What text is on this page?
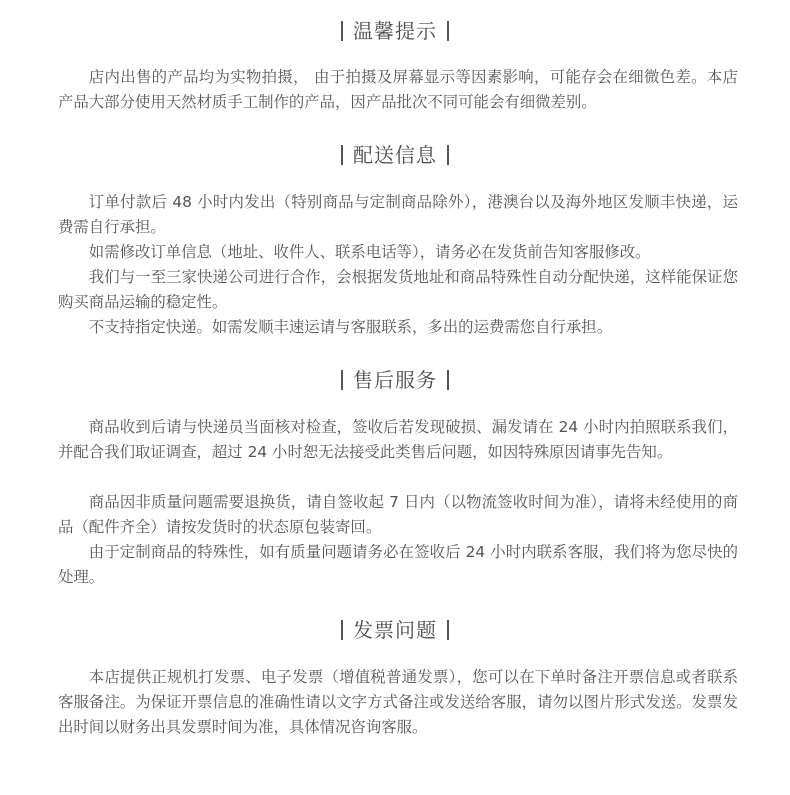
温馨提示

店内出售的产品均为实物拍摄， 由于拍摄及屏幕显示等因素影响，可能存会在细微色差。本店产品大部分使用天然材质手工制作的产品，因产品批次不同可能会有细微差别。

配送信息

订单付款后 48 小时内发出（特别商品与定制商品除外），港澳台以及海外地区发顺丰快递，运费需自行承担。

如需修改订单信息（地址、收件人、联系电话等），请务必在发货前告知客服修改。

我们与一至三家快递公司进行合作，会根据发货地址和商品特殊性自动分配快递，这样能保证您购买商品运输的稳定性。

不支持指定快递。如需发顺丰速运请与客服联系，多出的运费需您自行承担。

售后服务

商品收到后请与快递员当面核对检查，签收后若发现破损、漏发请在 24 小时内拍照联系我们，并配合我们取证调查，超过 24 小时恕无法接受此类售后问题，如因特殊原因请事先告知。

商品因非质量问题需要退换货，请自签收起 7 日内（以物流签收时间为准），请将未经使用的商品（配件齐全）请按发货时的状态原包装寄回。

由于定制商品的特殊性，如有质量问题请务必在签收后 24 小时内联系客服，我们将为您尽快的处理。

发票问题

本店提供正规机打发票、电子发票（增值税普通发票），您可以在下单时备注开票信息或者联系客服备注。为保证开票信息的准确性请以文字方式备注或发送给客服，请勿以图片形式发送。发票发出时间以财务出具发票时间为准，具体情况咨询客服。
